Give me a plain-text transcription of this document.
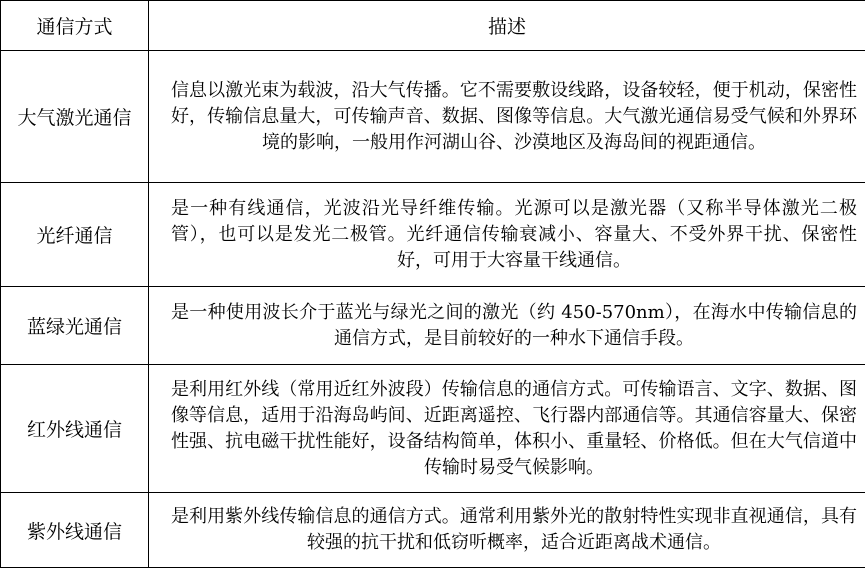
通信方式	描述
大气激光通信	信息以激光束为载波，沿大气传播。它不需要敷设线路，设备较轻，便于机动，保密性好，传输信息量大，可传输声音、数据、图像等信息。大气激光通信易受气候和外界环境的影响，一般用作河湖山谷、沙漠地区及海岛间的视距通信。
光纤通信	是一种有线通信，光波沿光导纤维传输。光源可以是激光器（又称半导体激光二极管），也可以是发光二极管。光纤通信传输衰减小、容量大、不受外界干扰、保密性好，可用于大容量干线通信。
蓝绿光通信	是一种使用波长介于蓝光与绿光之间的激光（约 450-570nm），在海水中传输信息的通信方式，是目前较好的一种水下通信手段。
红外线通信	是利用红外线（常用近红外波段）传输信息的通信方式。可传输语言、文字、数据、图像等信息，适用于沿海岛屿间、近距离遥控、飞行器内部通信等。其通信容量大、保密性强、抗电磁干扰性能好，设备结构简单，体积小、重量轻、价格低。但在大气信道中传输时易受气候影响。
紫外线通信	是利用紫外线传输信息的通信方式。通常利用紫外光的散射特性实现非直视通信，具有较强的抗干扰和低窃听概率，适合近距离战术通信。
